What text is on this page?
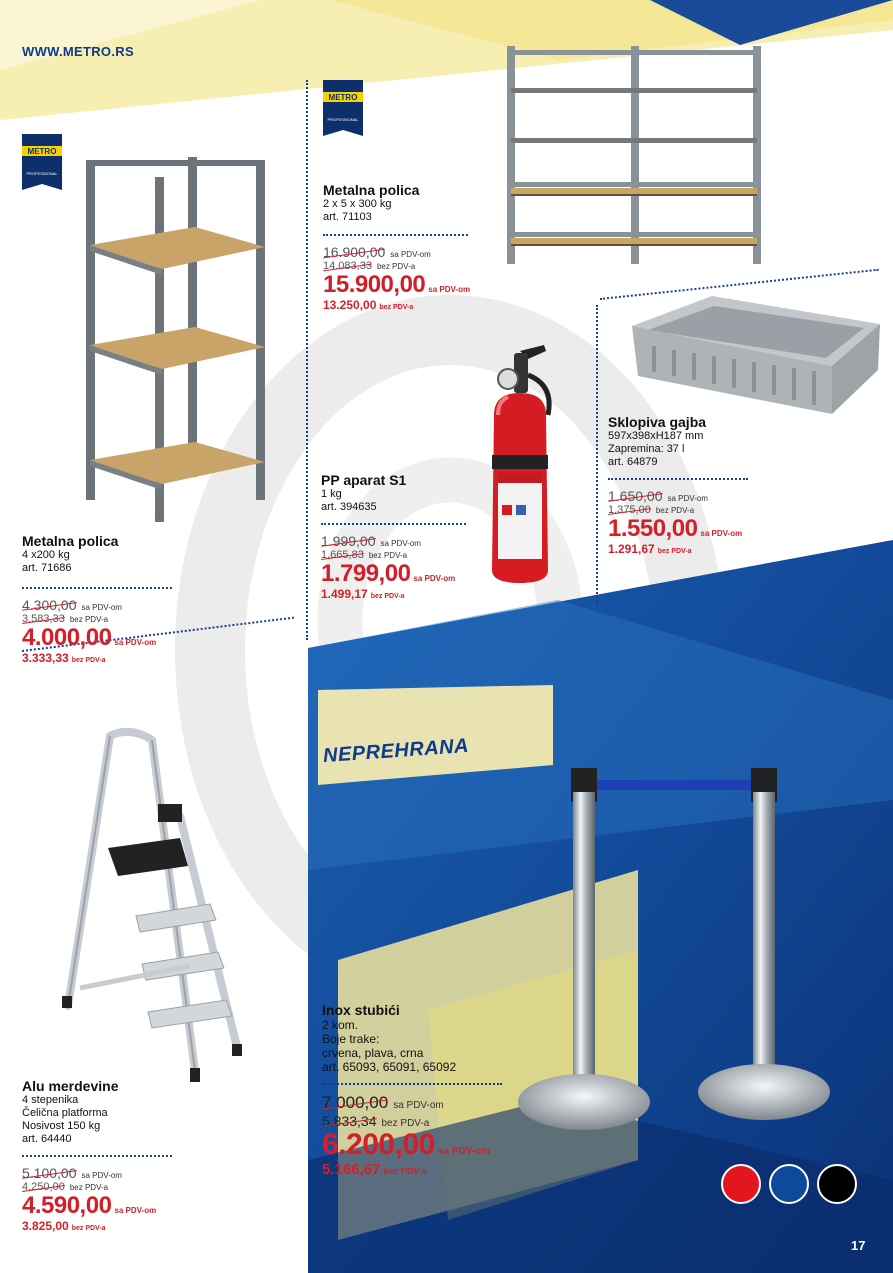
WWW.METRO.RS
METRO
PROFESSIONAL
METRO
PROFESSIONAL
NEPREHRANA
Metalna polica
4 x200 kg
art. 71686
4.300,00 sa PDV-om
3.583,33 bez PDV-a
4.000,00 sa PDV-om
3.333,33 bez PDV-a
Metalna polica
2 x 5 x 300 kg
art. 71103
16.900,00 sa PDV-om
14.083,33 bez PDV-a
15.900,00 sa PDV-om
13.250,00 bez PDV-a
PP aparat S1
1 kg
art. 394635
1.999,00 sa PDV-om
1.665,83 bez PDV-a
1.799,00 sa PDV-om
1.499,17 bez PDV-a
Sklopiva gajba
597x398xH187 mm
Zapremina: 37 l
art. 64879
1.650,00 sa PDV-om
1.375,00 bez PDV-a
1.550,00 sa PDV-om
1.291,67 bez PDV-a
Alu merdevine
4 stepenika
Čelična platforma
Nosivost 150 kg
art. 64440
5.100,00 sa PDV-om
4.250,00 bez PDV-a
4.590,00 sa PDV-om
3.825,00 bez PDV-a
Inox stubići
2 kom.
Boje trake:
crvena, plava, crna
art. 65093, 65091, 65092
7.000,00 sa PDV-om
5.833,34 bez PDV-a
6.200,00 sa PDV-om
5.166,67 bez PDV-a
17
